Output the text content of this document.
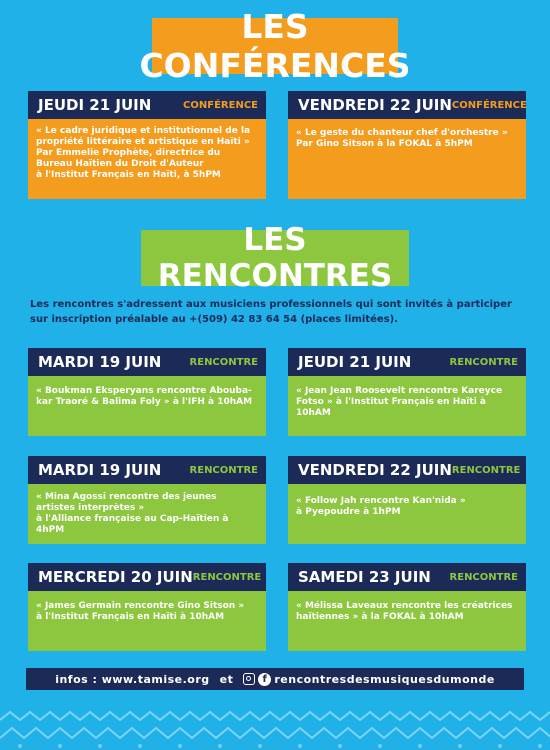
LES CONFÉRENCES
JEUDI 21 JUIN	CONFÉRENCE

« Le cadre juridique et institutionnel de la propriété littéraire et artistique en Haïti »

Par Emmelie Prophète, directrice du Bureau Haïtien du Droit d'Auteur

à l'Institut Français en Haïti, à 5hPM

VENDREDI 22 JUIN CONFÉRENCE

« Le geste du chanteur chef d'orchestre »

Par Gino Sitson à la FOKAL à 5hPM

LES RENCONTRES
Les rencontres s'adressent aux musiciens professionnels qui sont invités à participer sur inscription préalable au +(509) 42 83 64 54 (places limitées).
MARDI 19 JUIN	RENCONTRE

« Boukman Eksperyans rencontre Abouba-kar Traoré & Balima Foly » à l'IFH à 10hAM

JEUDI 21 JUIN	RENCONTRE

« Jean Jean Roosevelt rencontre Kareyce Fotso » à l'Institut Français en Haïti à 10hAM

MARDI 19 JUIN	RENCONTRE

« Mina Agossi rencontre des jeunes artistes interprètes »

à l'Alliance française au Cap-Haïtien à 4hPM

VENDREDI 22 JUIN RENCONTRE

« Follow Jah rencontre Kan'nida »

à Pyepoudre à 1hPM

MERCREDI 20 JUIN RENCONTRE

« James Germain rencontre Gino Sitson »

à l'Institut Français en Haïti à 10hAM

SAMEDI 23 JUIN RENCONTRE

« Mélissa Laveaux rencontre les créatrices haïtiennes » à la FOKAL à 10hAM

infos : www.tamise.org et	f rencontresdesmusiquesdumonde
